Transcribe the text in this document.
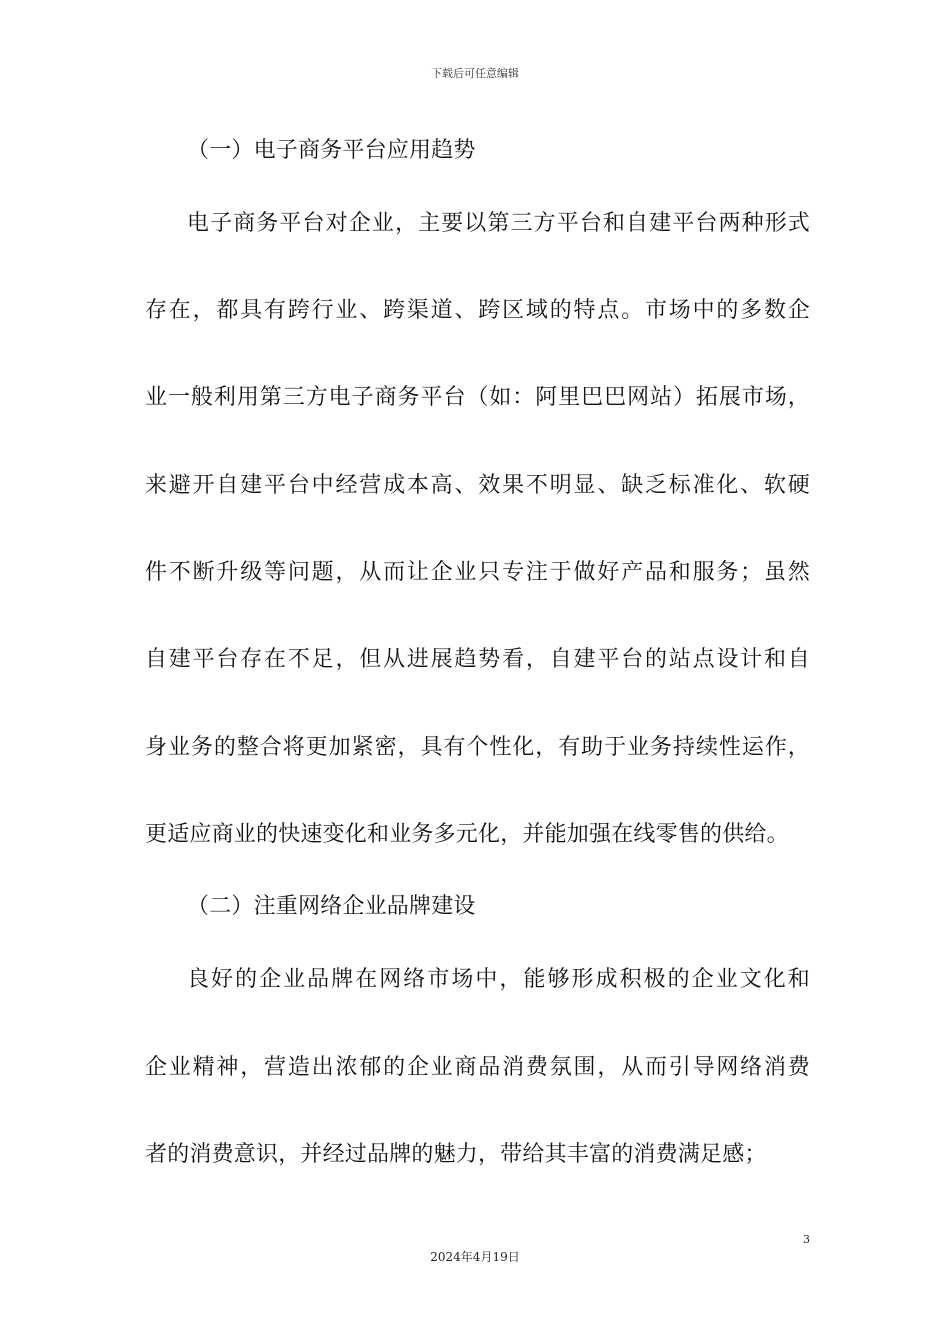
下载后可任意编辑
（一）电子商务平台应用趋势
电子商务平台对企业，主要以第三方平台和自建平台两种形式
存在，都具有跨行业、跨渠道、跨区域的特点。市场中的多数企
业一般利用第三方电子商务平台（如：阿里巴巴网站）拓展市场，
来避开自建平台中经营成本高、效果不明显、缺乏标准化、软硬
件不断升级等问题，从而让企业只专注于做好产品和服务；虽然
自建平台存在不足，但从进展趋势看，自建平台的站点设计和自
身业务的整合将更加紧密，具有个性化，有助于业务持续性运作，
更适应商业的快速变化和业务多元化，并能加强在线零售的供给。
（二）注重网络企业品牌建设
良好的企业品牌在网络市场中，能够形成积极的企业文化和
企业精神，营造出浓郁的企业商品消费氛围，从而引导网络消费
者的消费意识，并经过品牌的魅力，带给其丰富的消费满足感；
3
2024年4月19日
